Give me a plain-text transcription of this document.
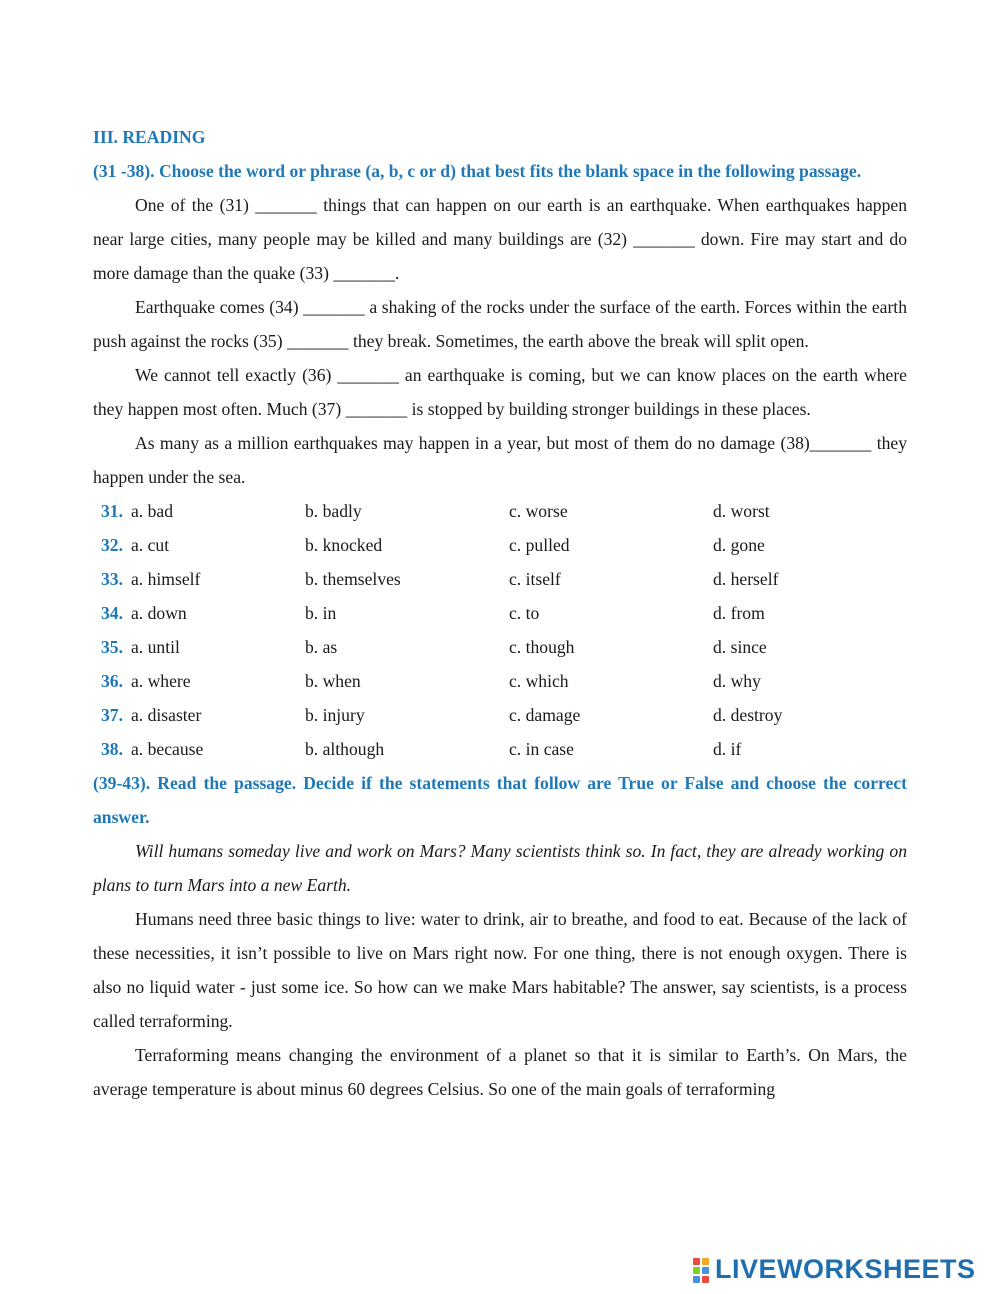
III. READING

(31 -38). Choose the word or phrase (a, b, c or d) that best fits the blank space in the following passage.

One of the (31) _______ things that can happen on our earth is an earthquake. When earthquakes happen near large cities, many people may be killed and many buildings are (32) _______ down. Fire may start and do more damage than the quake (33) _______.

Earthquake comes (34) _______ a shaking of the rocks under the surface of the earth. Forces within the earth push against the rocks (35) _______ they break. Sometimes, the earth above the break will split open.

We cannot tell exactly (36) _______ an earthquake is coming, but we can know places on the earth where they happen most often. Much (37) _______ is stopped by building stronger buildings in these places.

As many as a million earthquakes may happen in a year, but most of them do no damage (38)_______ they happen under the sea.

31. a. bad	b. badly	c. worse	d. worst
32. a. cut	b. knocked	c. pulled	d. gone
33. a. himself	b. themselves	c. itself	d. herself
34. a. down	b. in	c. to	d. from
35. a. until	b. as	c. though	d. since
36. a. where	b. when	c. which	d. why
37. a. disaster	b. injury	c. damage	d. destroy
38. a. because	b. although	c. in case	d. if

(39-43). Read the passage. Decide if the statements that follow are True or False and choose the correct answer.

Will humans someday live and work on Mars? Many scientists think so. In fact, they are already working on plans to turn Mars into a new Earth.

Humans need three basic things to live: water to drink, air to breathe, and food to eat. Because of the lack of these necessities, it isn’t possible to live on Mars right now. For one thing, there is not enough oxygen. There is also no liquid water - just some ice. So how can we make Mars habitable? The answer, say scientists, is a process called terraforming.

Terraforming means changing the environment of a planet so that it is similar to Earth’s. On Mars, the average temperature is about minus 60 degrees Celsius. So one of the main goals of terraforming

LIVEWORKSHEETS
